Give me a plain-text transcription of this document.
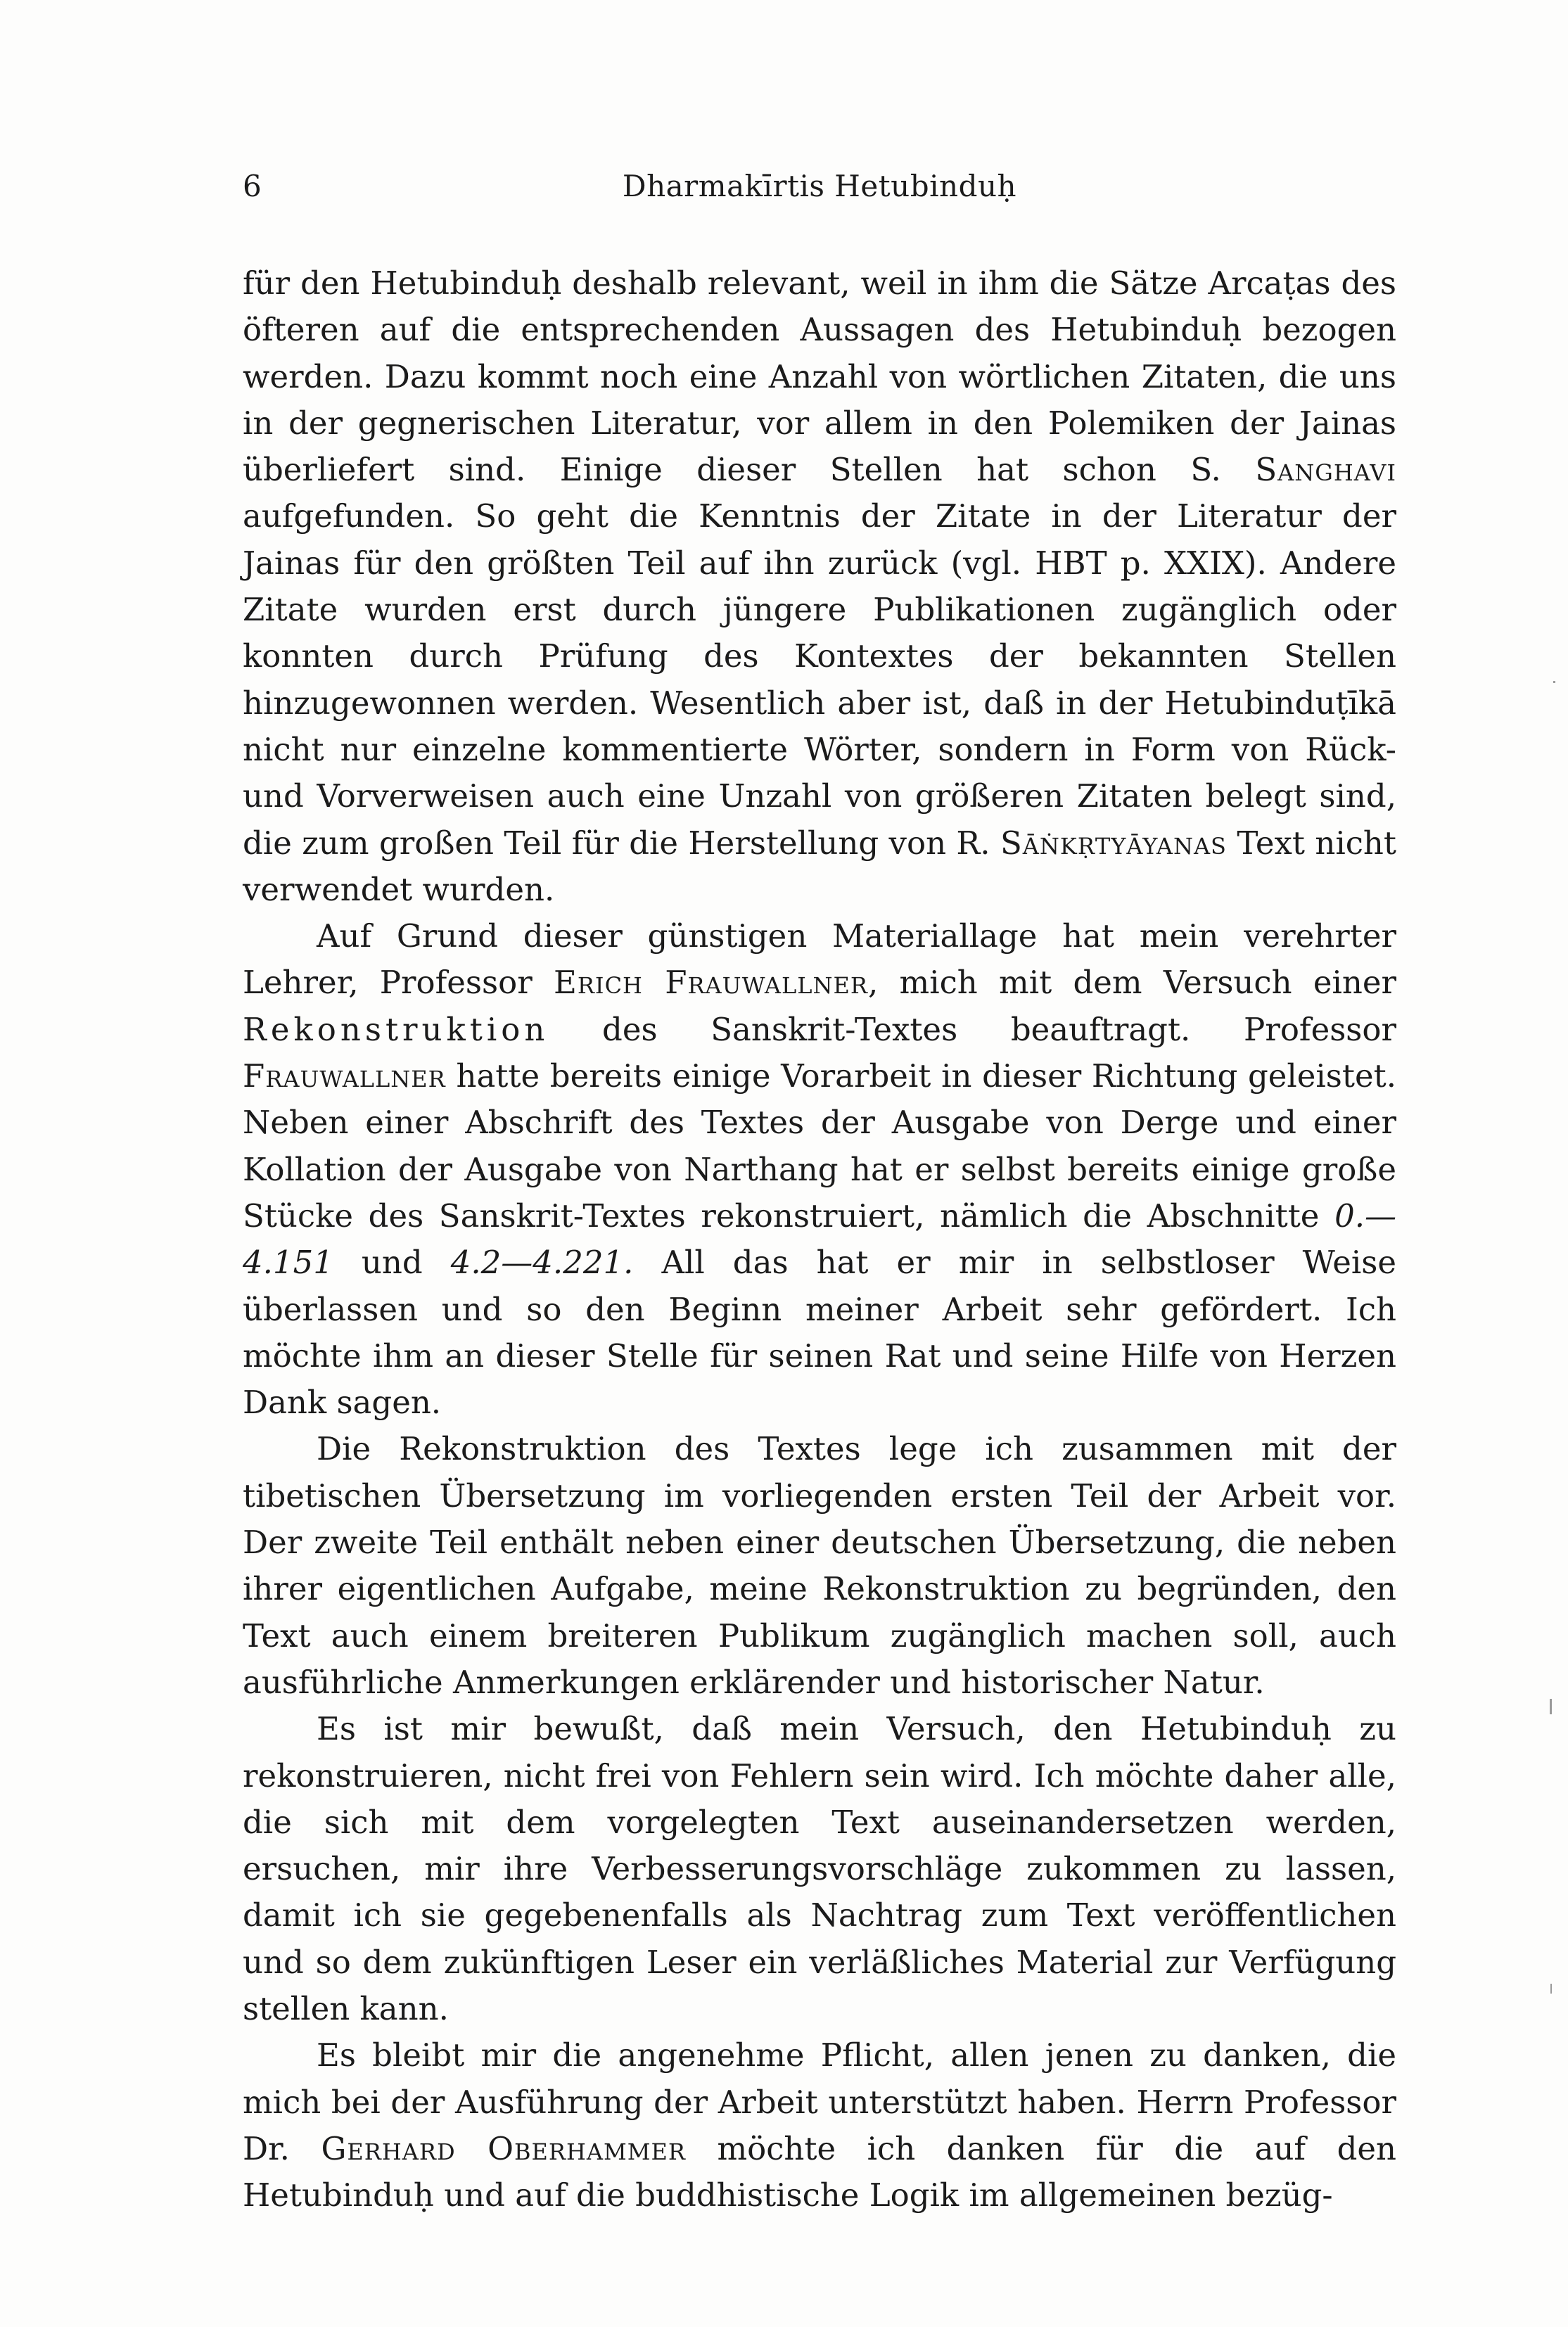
6	Dharmakīrtis Hetubinduḥ

für den Hetubinduḥ deshalb relevant, weil in ihm die Sätze Arcaṭas des öfteren auf die entsprechenden Aussagen des Hetubinduḥ bezogen werden. Dazu kommt noch eine Anzahl von wörtlichen Zitaten, die uns in der gegnerischen Literatur, vor allem in den Polemiken der Jainas überliefert sind. Einige dieser Stellen hat schon S. Sanghavi aufgefunden. So geht die Kenntnis der Zitate in der Literatur der Jainas für den größten Teil auf ihn zurück (vgl. HBT p. XXIX). Andere Zitate wurden erst durch jüngere Publikationen zugänglich oder konnten durch Prüfung des Kontextes der bekannten Stellen hinzugewonnen werden. Wesentlich aber ist, daß in der Hetubinduṭīkā nicht nur einzelne kommentierte Wörter, sondern in Form von Rück- und Vorverweisen auch eine Unzahl von größeren Zitaten belegt sind, die zum großen Teil für die Herstellung von R. Sāṅkṛtyāyanas Text nicht verwendet wurden.

Auf Grund dieser günstigen Materiallage hat mein verehrter Lehrer, Professor Erich Frauwallner, mich mit dem Versuch einer Rekonstruktion des Sanskrit-Textes beauftragt. Professor Frauwallner hatte bereits einige Vorarbeit in dieser Richtung geleistet. Neben einer Abschrift des Textes der Ausgabe von Derge und einer Kollation der Ausgabe von Narthang hat er selbst bereits einige große Stücke des Sanskrit-Textes rekonstruiert, nämlich die Abschnitte 0.—4.151 und 4.2—4.221. All das hat er mir in selbstloser Weise überlassen und so den Beginn meiner Arbeit sehr gefördert. Ich möchte ihm an dieser Stelle für seinen Rat und seine Hilfe von Herzen Dank sagen.

Die Rekonstruktion des Textes lege ich zusammen mit der tibetischen Übersetzung im vorliegenden ersten Teil der Arbeit vor. Der zweite Teil enthält neben einer deutschen Übersetzung, die neben ihrer eigentlichen Aufgabe, meine Rekonstruktion zu begründen, den Text auch einem breiteren Publikum zugänglich machen soll, auch ausführliche Anmerkungen erklärender und historischer Natur.

Es ist mir bewußt, daß mein Versuch, den Hetubinduḥ zu rekonstruieren, nicht frei von Fehlern sein wird. Ich möchte daher alle, die sich mit dem vorgelegten Text auseinandersetzen werden, ersuchen, mir ihre Verbesserungsvorschläge zukommen zu lassen, damit ich sie gegebenenfalls als Nachtrag zum Text veröffentlichen und so dem zukünftigen Leser ein verläßliches Material zur Verfügung stellen kann.

Es bleibt mir die angenehme Pflicht, allen jenen zu danken, die mich bei der Ausführung der Arbeit unterstützt haben. Herrn Professor Dr. Gerhard Oberhammer möchte ich danken für die auf den Hetubinduḥ und auf die buddhistische Logik im allgemeinen bezüg-
